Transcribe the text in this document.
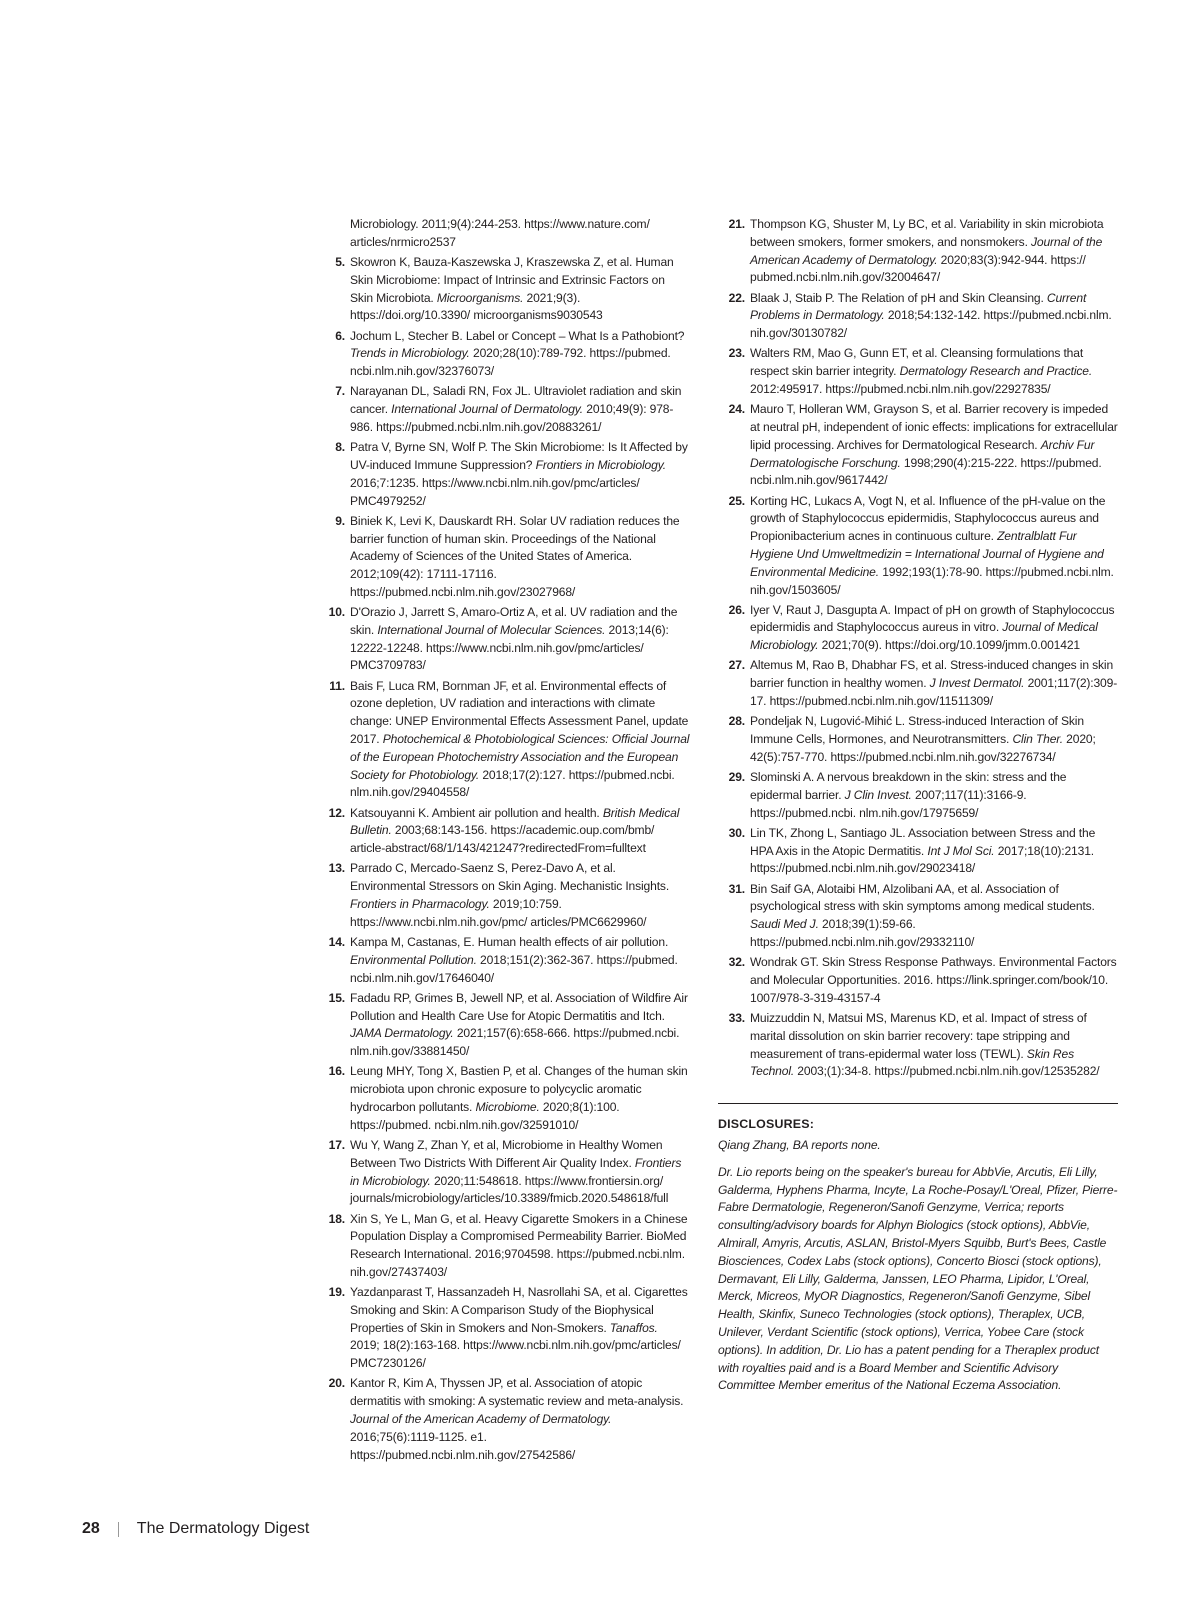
Microbiology. 2011;9(4):244-253. https://www.nature.com/ articles/nrmicro2537
5. Skowron K, Bauza-Kaszewska J, Kraszewska Z, et al. Human Skin Microbiome: Impact of Intrinsic and Extrinsic Factors on Skin Microbiota. Microorganisms. 2021;9(3). https://doi.org/10.3390/ microorganisms9030543
6. Jochum L, Stecher B. Label or Concept – What Is a Pathobiont? Trends in Microbiology. 2020;28(10):789-792. https://pubmed. ncbi.nlm.nih.gov/32376073/
7. Narayanan DL, Saladi RN, Fox JL. Ultraviolet radiation and skin cancer. International Journal of Dermatology. 2010;49(9): 978-986. https://pubmed.ncbi.nlm.nih.gov/20883261/
8. Patra V, Byrne SN, Wolf P. The Skin Microbiome: Is It Affected by UV-induced Immune Suppression? Frontiers in Microbiology. 2016;7:1235. https://www.ncbi.nlm.nih.gov/pmc/articles/ PMC4979252/
9. Biniek K, Levi K, Dauskardt RH. Solar UV radiation reduces the barrier function of human skin. Proceedings of the National Academy of Sciences of the United States of America. 2012;109(42): 17111-17116. https://pubmed.ncbi.nlm.nih.gov/23027968/
10. D'Orazio J, Jarrett S, Amaro-Ortiz A, et al. UV radiation and the skin. International Journal of Molecular Sciences. 2013;14(6): 12222-12248. https://www.ncbi.nlm.nih.gov/pmc/articles/ PMC3709783/
11. Bais F, Luca RM, Bornman JF, et al. Environmental effects of ozone depletion, UV radiation and interactions with climate change: UNEP Environmental Effects Assessment Panel, update 2017. Photochemical & Photobiological Sciences: Official Journal of the European Photochemistry Association and the European Society for Photobiology. 2018;17(2):127. https://pubmed.ncbi. nlm.nih.gov/29404558/
12. Katsouyanni K. Ambient air pollution and health. British Medical Bulletin. 2003;68:143-156. https://academic.oup.com/bmb/ article-abstract/68/1/143/421247?redirectedFrom=fulltext
13. Parrado C, Mercado-Saenz S, Perez-Davo A, et al. Environmental Stressors on Skin Aging. Mechanistic Insights. Frontiers in Pharmacology. 2019;10:759. https://www.ncbi.nlm.nih.gov/pmc/ articles/PMC6629960/
14. Kampa M, Castanas, E. Human health effects of air pollution. Environmental Pollution. 2018;151(2):362-367. https://pubmed. ncbi.nlm.nih.gov/17646040/
15. Fadadu RP, Grimes B, Jewell NP, et al. Association of Wildfire Air Pollution and Health Care Use for Atopic Dermatitis and Itch. JAMA Dermatology. 2021;157(6):658-666. https://pubmed.ncbi. nlm.nih.gov/33881450/
16. Leung MHY, Tong X, Bastien P, et al. Changes of the human skin microbiota upon chronic exposure to polycyclic aromatic hydrocarbon pollutants. Microbiome. 2020;8(1):100. https://pubmed. ncbi.nlm.nih.gov/32591010/
17. Wu Y, Wang Z, Zhan Y, et al, Microbiome in Healthy Women Between Two Districts With Different Air Quality Index. Frontiers in Microbiology. 2020;11:548618. https://www.frontiersin.org/ journals/microbiology/articles/10.3389/fmicb.2020.548618/full
18. Xin S, Ye L, Man G, et al. Heavy Cigarette Smokers in a Chinese Population Display a Compromised Permeability Barrier. BioMed Research International. 2016;9704598. https://pubmed.ncbi.nlm. nih.gov/27437403/
19. Yazdanparast T, Hassanzadeh H, Nasrollahi SA, et al. Cigarettes Smoking and Skin: A Comparison Study of the Biophysical Properties of Skin in Smokers and Non-Smokers. Tanaffos. 2019; 18(2):163-168. https://www.ncbi.nlm.nih.gov/pmc/articles/ PMC7230126/
20. Kantor R, Kim A, Thyssen JP, et al. Association of atopic dermatitis with smoking: A systematic review and meta-analysis. Journal of the American Academy of Dermatology. 2016;75(6):1119-1125. e1. https://pubmed.ncbi.nlm.nih.gov/27542586/
21. Thompson KG, Shuster M, Ly BC, et al. Variability in skin microbiota between smokers, former smokers, and nonsmokers. Journal of the American Academy of Dermatology. 2020;83(3):942-944. https:// pubmed.ncbi.nlm.nih.gov/32004647/
22. Blaak J, Staib P. The Relation of pH and Skin Cleansing. Current Problems in Dermatology. 2018;54:132-142. https://pubmed.ncbi.nlm. nih.gov/30130782/
23. Walters RM, Mao G, Gunn ET, et al. Cleansing formulations that respect skin barrier integrity. Dermatology Research and Practice. 2012:495917. https://pubmed.ncbi.nlm.nih.gov/22927835/
24. Mauro T, Holleran WM, Grayson S, et al. Barrier recovery is impeded at neutral pH, independent of ionic effects: implications for extracellular lipid processing. Archives for Dermatological Research. Archiv Fur Dermatologische Forschung. 1998;290(4):215-222. https://pubmed. ncbi.nlm.nih.gov/9617442/
25. Korting HC, Lukacs A, Vogt N, et al. Influence of the pH-value on the growth of Staphylococcus epidermidis, Staphylococcus aureus and Propionibacterium acnes in continuous culture. Zentralblatt Fur Hygiene Und Umweltmedizin = International Journal of Hygiene and Environmental Medicine. 1992;193(1):78-90. https://pubmed.ncbi.nlm. nih.gov/1503605/
26. Iyer V, Raut J, Dasgupta A. Impact of pH on growth of Staphylococcus epidermidis and Staphylococcus aureus in vitro. Journal of Medical Microbiology. 2021;70(9). https://doi.org/10.1099/jmm.0.001421
27. Altemus M, Rao B, Dhabhar FS, et al. Stress-induced changes in skin barrier function in healthy women. J Invest Dermatol. 2001;117(2):309-17. https://pubmed.ncbi.nlm.nih.gov/11511309/
28. Pondeljak N, Lugović-Mihić L. Stress-induced Interaction of Skin Immune Cells, Hormones, and Neurotransmitters. Clin Ther. 2020; 42(5):757-770. https://pubmed.ncbi.nlm.nih.gov/32276734/
29. Slominski A. A nervous breakdown in the skin: stress and the epidermal barrier. J Clin Invest. 2007;117(11):3166-9. https://pubmed.ncbi. nlm.nih.gov/17975659/
30. Lin TK, Zhong L, Santiago JL. Association between Stress and the HPA Axis in the Atopic Dermatitis. Int J Mol Sci. 2017;18(10):2131. https://pubmed.ncbi.nlm.nih.gov/29023418/
31. Bin Saif GA, Alotaibi HM, Alzolibani AA, et al. Association of psychological stress with skin symptoms among medical students. Saudi Med J. 2018;39(1):59-66. https://pubmed.ncbi.nlm.nih.gov/29332110/
32. Wondrak GT. Skin Stress Response Pathways. Environmental Factors and Molecular Opportunities. 2016. https://link.springer.com/book/10. 1007/978-3-319-43157-4
33. Muizzuddin N, Matsui MS, Marenus KD, et al. Impact of stress of marital dissolution on skin barrier recovery: tape stripping and measurement of trans-epidermal water loss (TEWL). Skin Res Technol. 2003;(1):34-8. https://pubmed.ncbi.nlm.nih.gov/12535282/
DISCLOSURES:
Qiang Zhang, BA reports none.
Dr. Lio reports being on the speaker's bureau for AbbVie, Arcutis, Eli Lilly, Galderma, Hyphens Pharma, Incyte, La Roche-Posay/L'Oreal, Pfizer, Pierre-Fabre Dermatologie, Regeneron/Sanofi Genzyme, Verrica; reports consulting/advisory boards for Alphyn Biologics (stock options), AbbVie, Almirall, Amyris, Arcutis, ASLAN, Bristol-Myers Squibb, Burt's Bees, Castle Biosciences, Codex Labs (stock options), Concerto Biosci (stock options), Dermavant, Eli Lilly, Galderma, Janssen, LEO Pharma, Lipidor, L'Oreal, Merck, Micreos, MyOR Diagnostics, Regeneron/Sanofi Genzyme, Sibel Health, Skinfix, Suneco Technologies (stock options), Theraplex, UCB, Unilever, Verdant Scientific (stock options), Verrica, Yobee Care (stock options). In addition, Dr. Lio has a patent pending for a Theraplex product with royalties paid and is a Board Member and Scientific Advisory Committee Member emeritus of the National Eczema Association.
28 The Dermatology Digest
